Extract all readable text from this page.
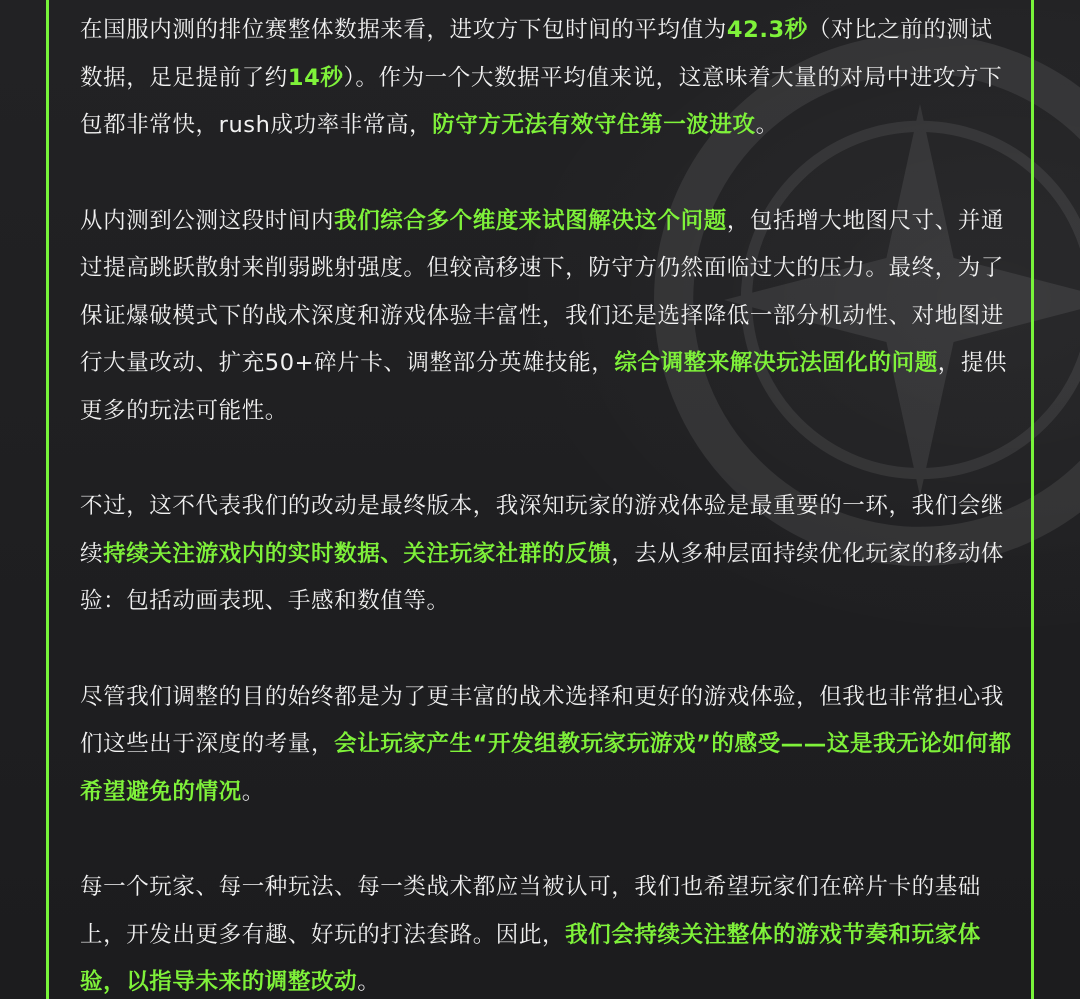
在国服内测的排位赛整体数据来看，进攻方下包时间的平均值为42.3秒（对比之前的测试数据，足足提前了约14秒）。作为一个大数据平均值来说，这意味着大量的对局中进攻方下包都非常快，rush成功率非常高，防守方无法有效守住第一波进攻。

从内测到公测这段时间内我们综合多个维度来试图解决这个问题，包括增大地图尺寸、并通过提高跳跃散射来削弱跳射强度。但较高移速下，防守方仍然面临过大的压力。最终，为了保证爆破模式下的战术深度和游戏体验丰富性，我们还是选择降低一部分机动性、对地图进行大量改动、扩充50+碎片卡、调整部分英雄技能，综合调整来解决玩法固化的问题，提供更多的玩法可能性。

不过，这不代表我们的改动是最终版本，我深知玩家的游戏体验是最重要的一环，我们会继续持续关注游戏内的实时数据、关注玩家社群的反馈，去从多种层面持续优化玩家的移动体验：包括动画表现、手感和数值等。

尽管我们调整的目的始终都是为了更丰富的战术选择和更好的游戏体验，但我也非常担心我们这些出于深度的考量，会让玩家产生“开发组教玩家玩游戏”的感受——这是我无论如何都希望避免的情况。

每一个玩家、每一种玩法、每一类战术都应当被认可，我们也希望玩家们在碎片卡的基础上，开发出更多有趣、好玩的打法套路。因此，我们会持续关注整体的游戏节奏和玩家体验，以指导未来的调整改动。
